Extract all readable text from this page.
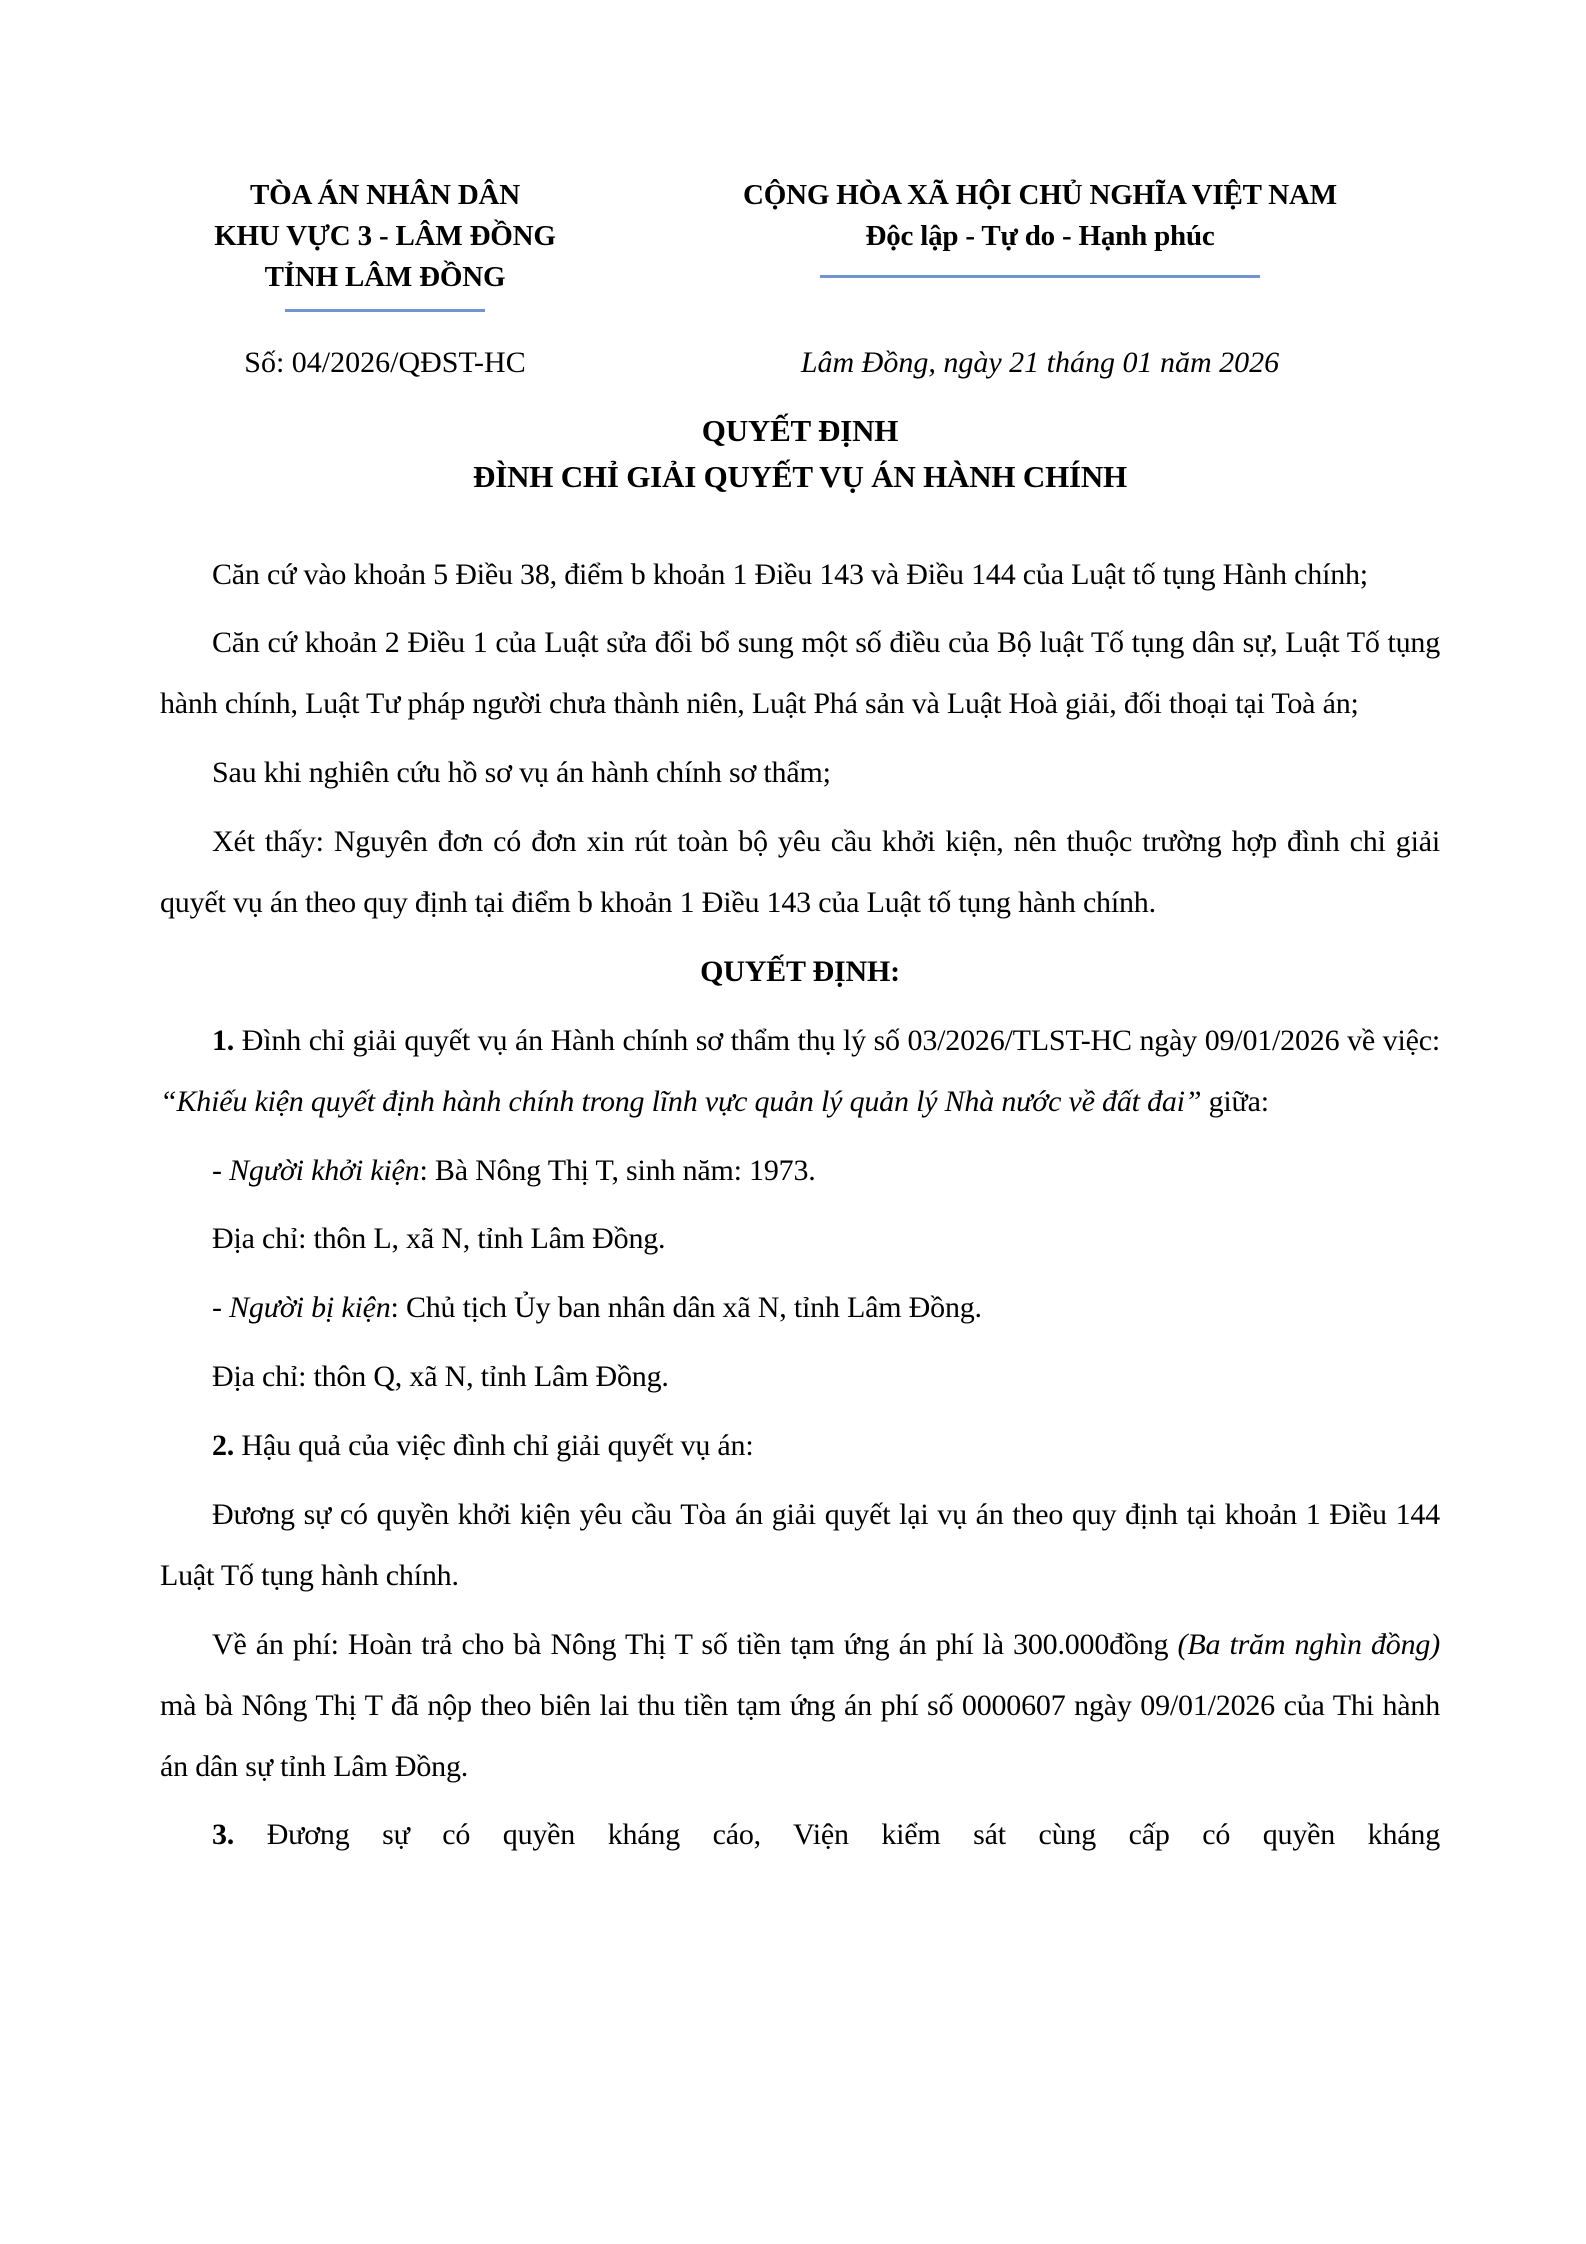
TÒA ÁN NHÂN DÂN
KHU VỰC 3 - LÂM ĐỒNG
TỈNH LÂM ĐỒNG
CỘNG HÒA XÃ HỘI CHỦ NGHĨA VIỆT NAM
Độc lập - Tự do - Hạnh phúc
Số: 04/2026/QĐST-HC	Lâm Đồng, ngày 21 tháng 01 năm 2026
QUYẾT ĐỊNH
ĐÌNH CHỈ GIẢI QUYẾT VỤ ÁN HÀNH CHÍNH

Căn cứ vào khoản 5 Điều 38, điểm b khoản 1 Điều 143 và Điều 144 của Luật tố tụng Hành chính;

Căn cứ khoản 2 Điều 1 của Luật sửa đổi bổ sung một số điều của Bộ luật Tố tụng dân sự, Luật Tố tụng hành chính, Luật Tư pháp người chưa thành niên, Luật Phá sản và Luật Hoà giải, đối thoại tại Toà án;

Sau khi nghiên cứu hồ sơ vụ án hành chính sơ thẩm;

Xét thấy: Nguyên đơn có đơn xin rút toàn bộ yêu cầu khởi kiện, nên thuộc trường hợp đình chỉ giải quyết vụ án theo quy định tại điểm b khoản 1 Điều 143 của Luật tố tụng hành chính.

QUYẾT ĐỊNH:

1. Đình chỉ giải quyết vụ án Hành chính sơ thẩm thụ lý số 03/2026/TLST-HC ngày 09/01/2026 về việc: “Khiếu kiện quyết định hành chính trong lĩnh vực quản lý quản lý Nhà nước về đất đai” giữa:

- Người khởi kiện: Bà Nông Thị T, sinh năm: 1973.

Địa chỉ: thôn L, xã N, tỉnh Lâm Đồng.

- Người bị kiện: Chủ tịch Ủy ban nhân dân xã N, tỉnh Lâm Đồng.

Địa chỉ: thôn Q, xã N, tỉnh Lâm Đồng.

2. Hậu quả của việc đình chỉ giải quyết vụ án:

Đương sự có quyền khởi kiện yêu cầu Tòa án giải quyết lại vụ án theo quy định tại khoản 1 Điều 144 Luật Tố tụng hành chính.

Về án phí: Hoàn trả cho bà Nông Thị T số tiền tạm ứng án phí là 300.000đồng (Ba trăm nghìn đồng) mà bà Nông Thị T đã nộp theo biên lai thu tiền tạm ứng án phí số 0000607 ngày 09/01/2026 của Thi hành án dân sự tỉnh Lâm Đồng.

3. Đương sự có quyền kháng cáo, Viện kiểm sát cùng cấp có quyền kháng
